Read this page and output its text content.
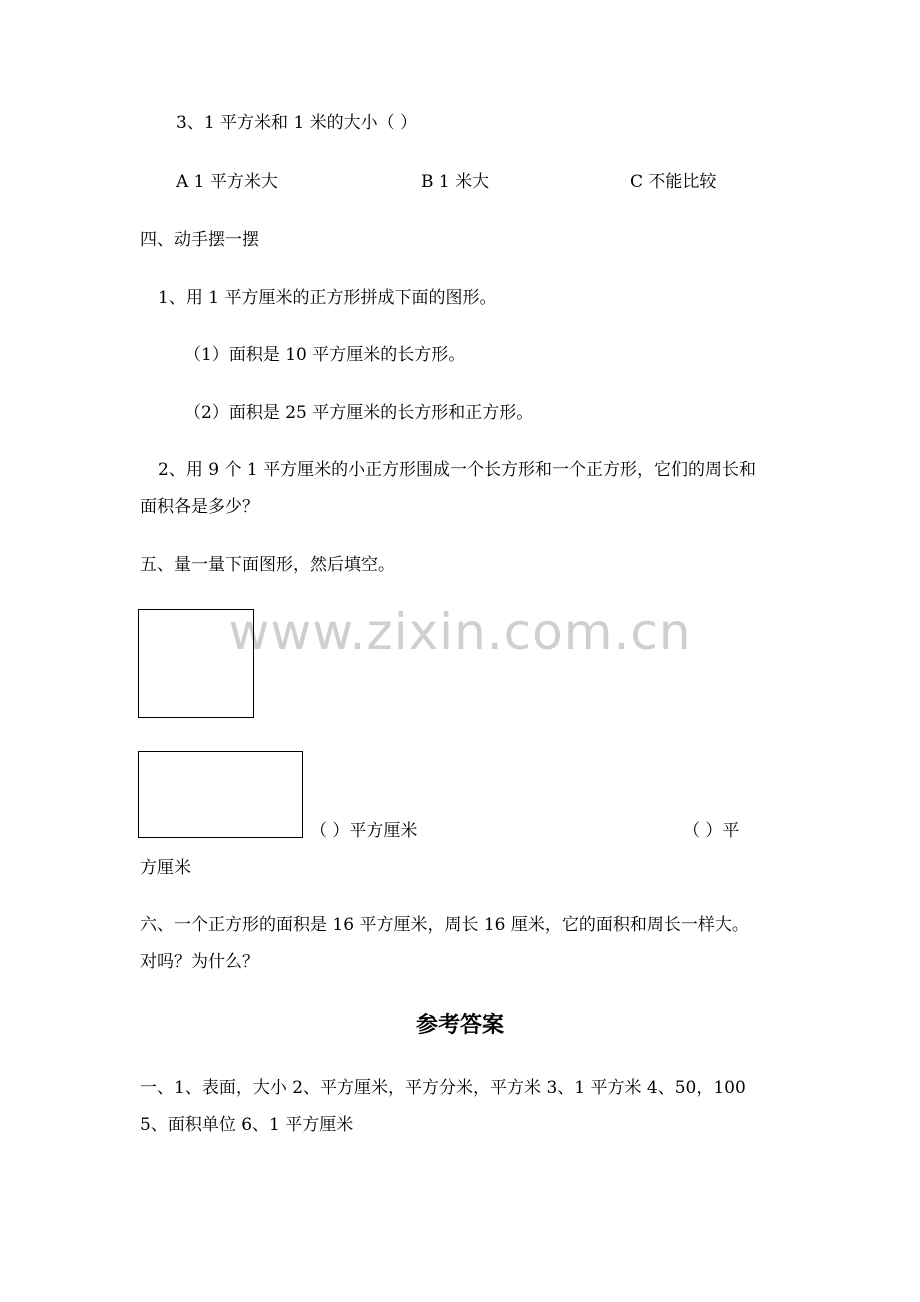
www.zixin.com.cn
3、1 平方米和 1 米的大小（ ）
A 1 平方米大	B 1 米大	C 不能比较
四、动手摆一摆
1、用 1 平方厘米的正方形拼成下面的图形。
（1）面积是 10 平方厘米的长方形。
（2）面积是 25 平方厘米的长方形和正方形。
2、用 9 个 1 平方厘米的小正方形围成一个长方形和一个正方形，它们的周长和
面积各是多少？
五、量一量下面图形，然后填空。
（ ）平方厘米	（ ）平
方厘米
六、一个正方形的面积是 16 平方厘米，周长 16 厘米，它的面积和周长一样大。
对吗？为什么？
参考答案
一、1、表面，大小 2、平方厘米，平方分米，平方米 3、1 平方米 4、50，100
5、面积单位 6、1 平方厘米
